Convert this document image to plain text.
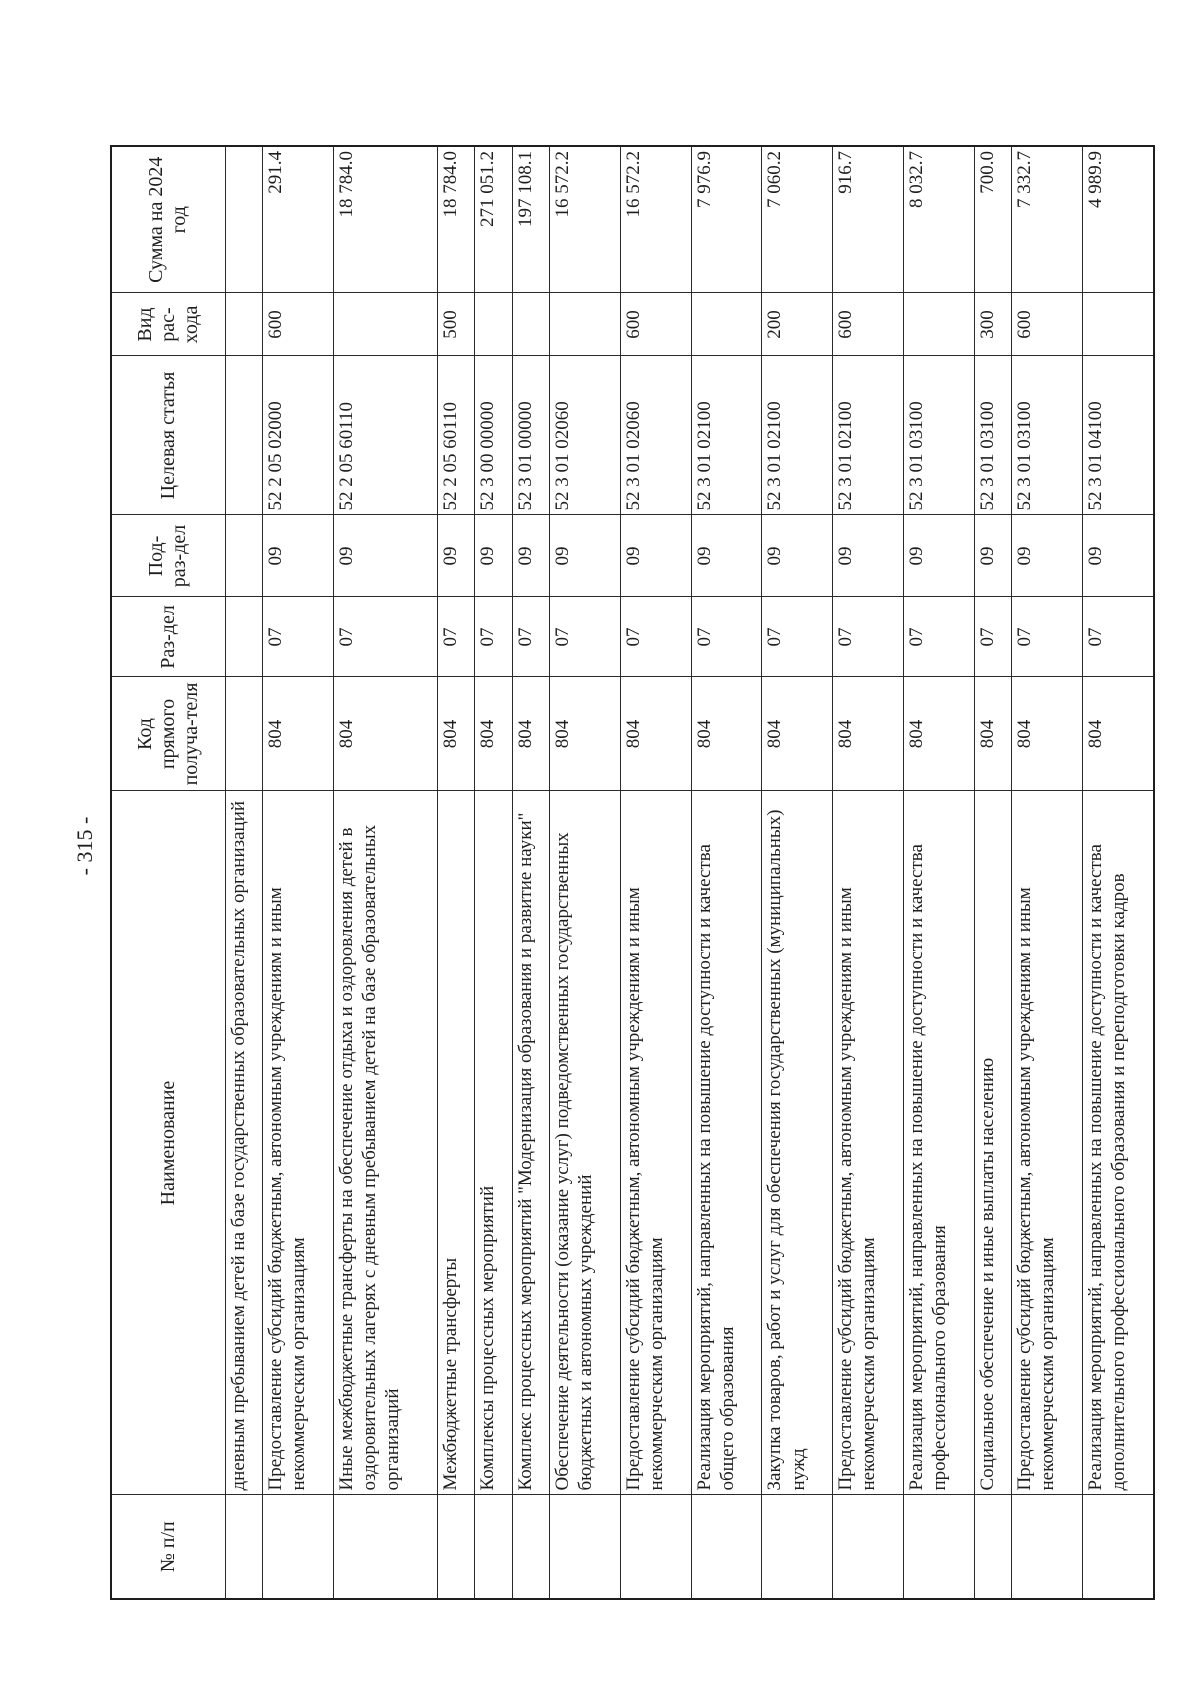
- 315 -
№ п/п	Наименование	Код прямого получа-теля	Раз-дел	Под-раз-дел	Целевая статья	Вид рас-хода	Сумма на 2024 год
	дневным пребыванием детей на базе государственных образовательных организаций						
	Предоставление субсидий бюджетным, автономным учреждениям и иным некоммерческим организациям	804	07	09	52 2 05 02000	600	291.4
	Иные межбюджетные трансферты на обеспечение отдыха и оздоровления детей в оздоровительных лагерях с дневным пребыванием детей на базе образовательных организаций	804	07	09	52 2 05 60110		18 784.0
	Межбюджетные трансферты	804	07	09	52 2 05 60110	500	18 784.0
	Комплексы процессных мероприятий	804	07	09	52 3 00 00000		271 051.2
	Комплекс процессных мероприятий "Модернизация образования и развитие науки"	804	07	09	52 3 01 00000		197 108.1
	Обеспечение деятельности (оказание услуг) подведомственных государственных бюджетных и автономных учреждений	804	07	09	52 3 01 02060		16 572.2
	Предоставление субсидий бюджетным, автономным учреждениям и иным некоммерческим организациям	804	07	09	52 3 01 02060	600	16 572.2
	Реализация мероприятий, направленных на повышение доступности и качества общего образования	804	07	09	52 3 01 02100		7 976.9
	Закупка товаров, работ и услуг для обеспечения государственных (муниципальных) нужд	804	07	09	52 3 01 02100	200	7 060.2
	Предоставление субсидий бюджетным, автономным учреждениям и иным некоммерческим организациям	804	07	09	52 3 01 02100	600	916.7
	Реализация мероприятий, направленных на повышение доступности и качества профессионального образования	804	07	09	52 3 01 03100		8 032.7
	Социальное обеспечение и иные выплаты населению	804	07	09	52 3 01 03100	300	700.0
	Предоставление субсидий бюджетным, автономным учреждениям и иным некоммерческим организациям	804	07	09	52 3 01 03100	600	7 332.7
	Реализация мероприятий, направленных на повышение доступности и качества дополнительного профессионального образования и переподготовки кадров	804	07	09	52 3 01 04100		4 989.9
